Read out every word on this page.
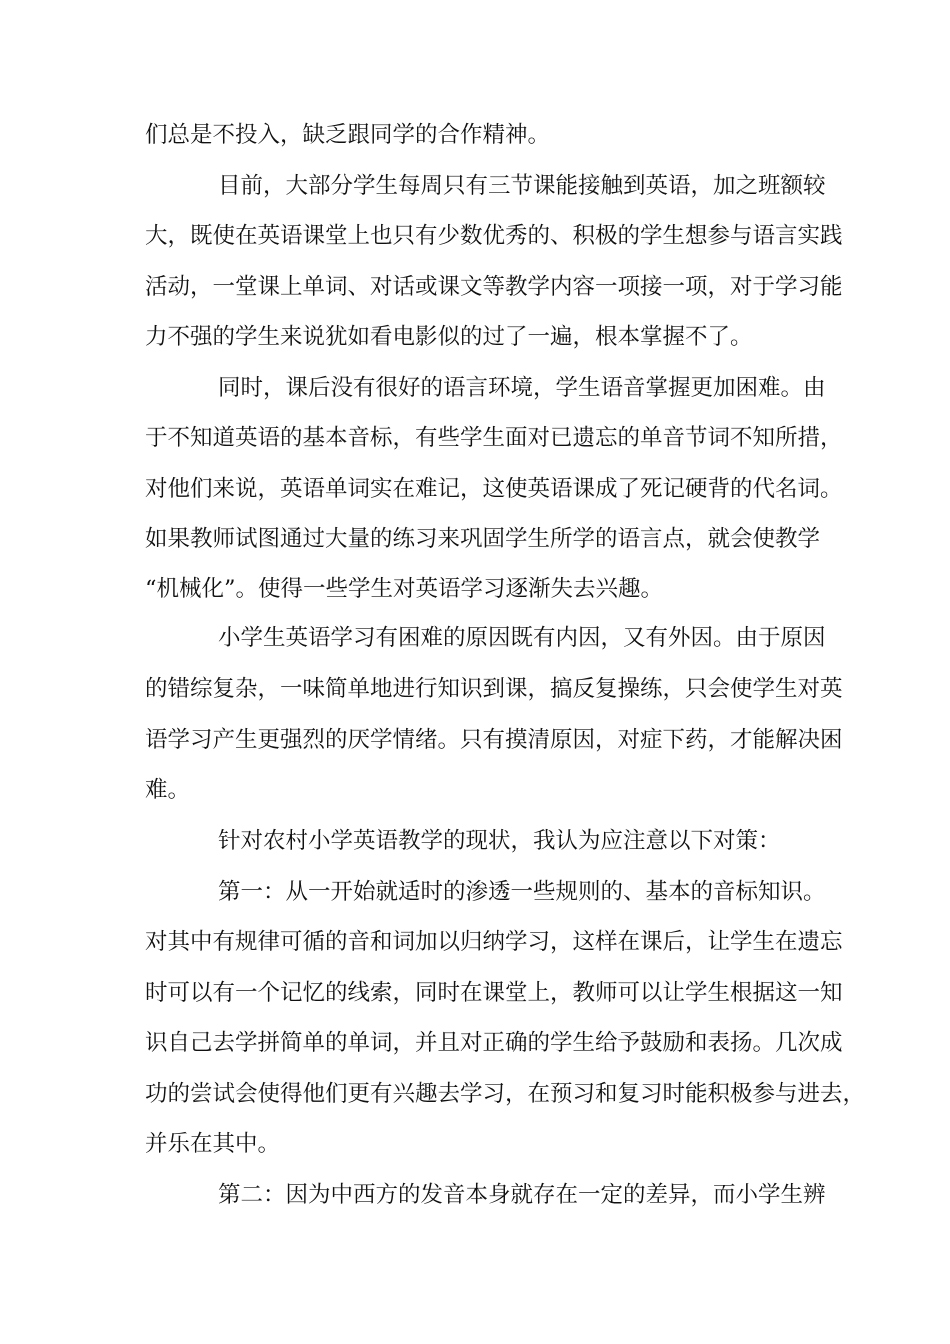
们总是不投入，缺乏跟同学的合作精神。

目前，大部分学生每周只有三节课能接触到英语，加之班额较

大，既使在英语课堂上也只有少数优秀的、积极的学生想参与语言实践

活动，一堂课上单词、对话或课文等教学内容一项接一项，对于学习能

力不强的学生来说犹如看电影似的过了一遍，根本掌握不了。

同时，课后没有很好的语言环境，学生语音掌握更加困难。由

于不知道英语的基本音标，有些学生面对已遗忘的单音节词不知所措，

对他们来说，英语单词实在难记，这使英语课成了死记硬背的代名词。

如果教师试图通过大量的练习来巩固学生所学的语言点，就会使教学

“机械化”。使得一些学生对英语学习逐渐失去兴趣。

小学生英语学习有困难的原因既有内因，又有外因。由于原因

的错综复杂，一味简单地进行知识到课，搞反复操练，只会使学生对英

语学习产生更强烈的厌学情绪。只有摸清原因，对症下药，才能解决困

难。

针对农村小学英语教学的现状，我认为应注意以下对策：

第一：从一开始就适时的渗透一些规则的、基本的音标知识。

对其中有规律可循的音和词加以归纳学习，这样在课后，让学生在遗忘

时可以有一个记忆的线索，同时在课堂上，教师可以让学生根据这一知

识自己去学拼简单的单词，并且对正确的学生给予鼓励和表扬。几次成

功的尝试会使得他们更有兴趣去学习，在预习和复习时能积极参与进去，

并乐在其中。

第二：因为中西方的发音本身就存在一定的差异，而小学生辨
